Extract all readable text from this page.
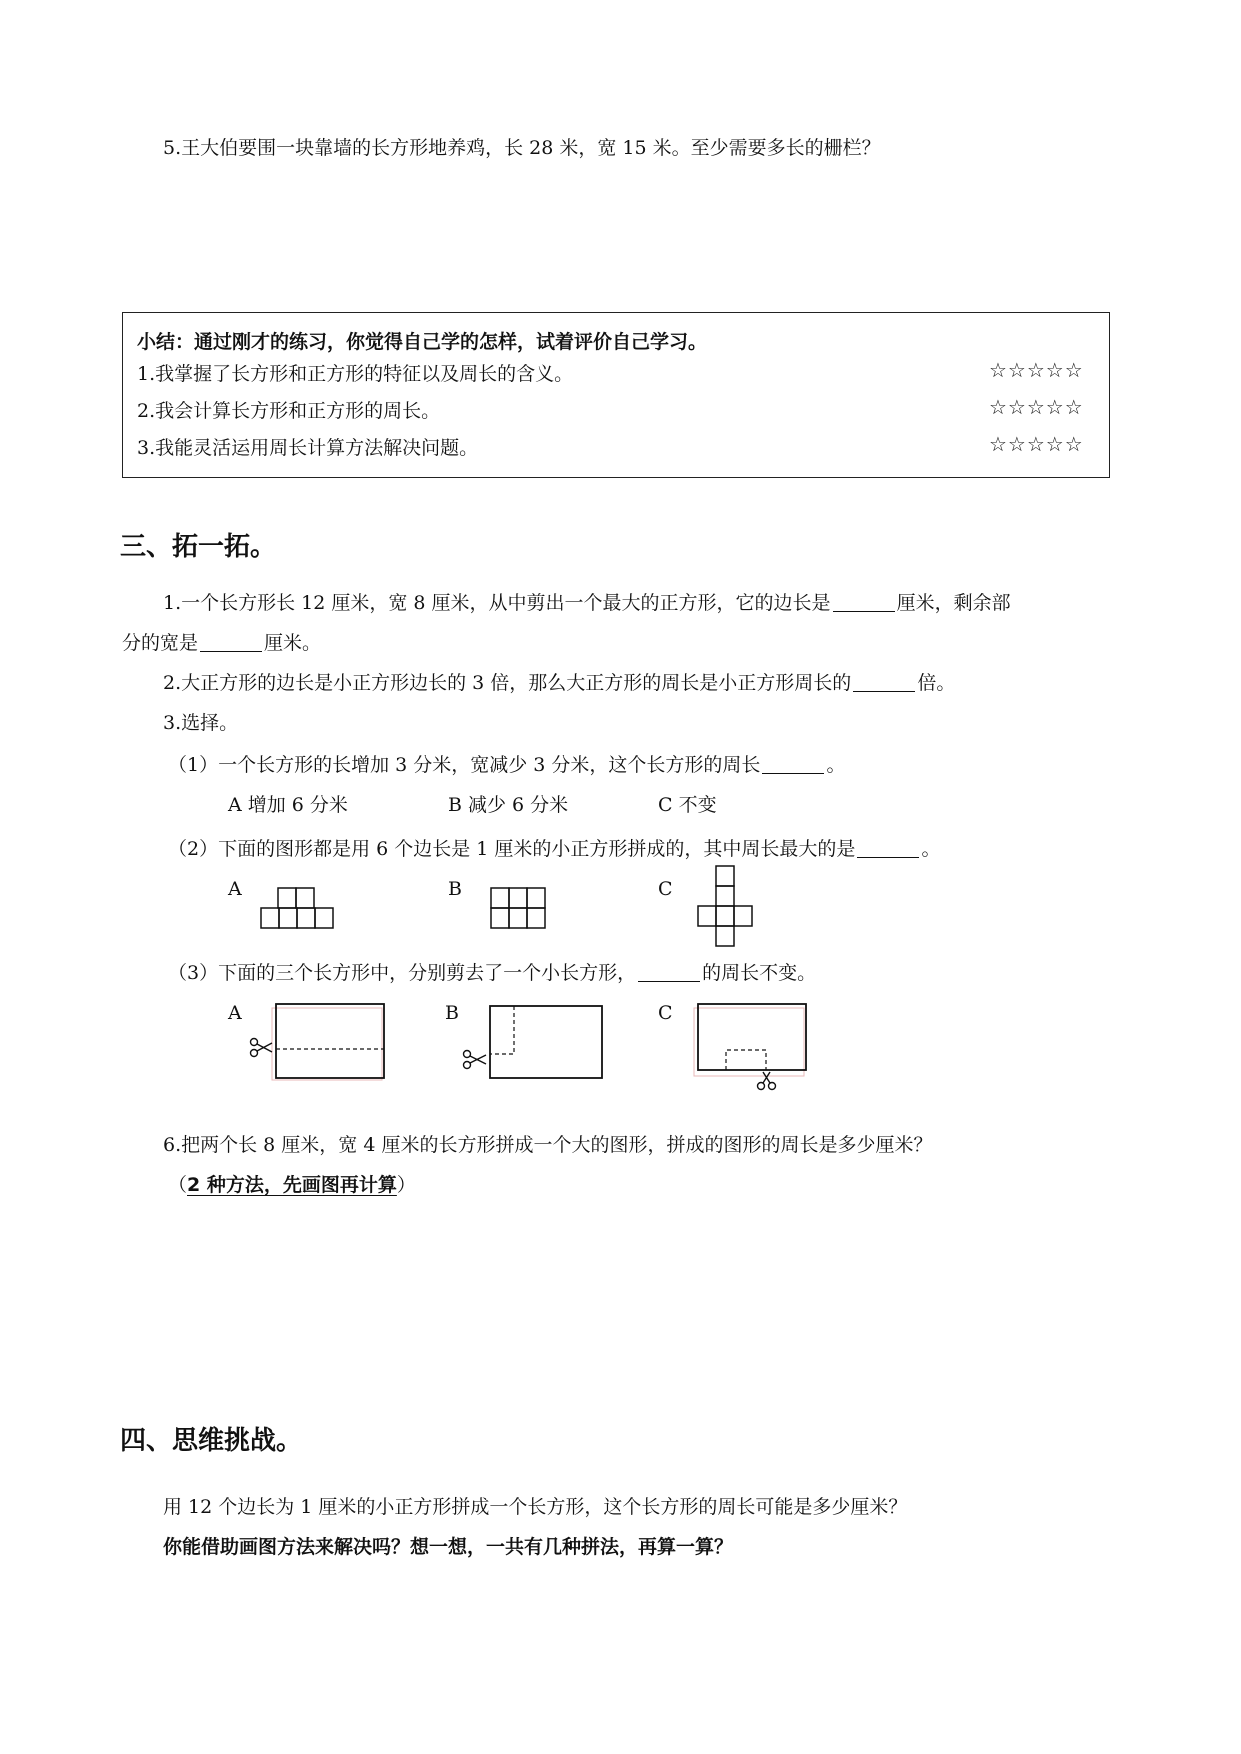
5.王大伯要围一块靠墙的长方形地养鸡，长 28 米，宽 15 米。至少需要多长的栅栏？
小结：通过刚才的练习，你觉得自己学的怎样，试着评价自己学习。
1.我掌握了长方形和正方形的特征以及周长的含义。	☆☆☆☆☆
2.我会计算长方形和正方形的周长。	☆☆☆☆☆
3.我能灵活运用周长计算方法解决问题。	☆☆☆☆☆
三、拓一拓。
1.一个长方形长 12 厘米，宽 8 厘米，从中剪出一个最大的正方形，它的边长是	厘米，剩余部
分的宽是	厘米。
2.大正方形的边长是小正方形边长的 3 倍，那么大正方形的周长是小正方形周长的	倍。
3.选择。
（1）一个长方形的长增加 3 分米，宽减少 3 分米，这个长方形的周长	。
A 增加 6 分米	B 减少 6 分米	C 不变
（2）下面的图形都是用 6 个边长是 1 厘米的小正方形拼成的，其中周长最大的是	。
A	B	C
（3）下面的三个长方形中，分别剪去了一个小长方形，	的周长不变。
A	B	C
6.把两个长 8 厘米，宽 4 厘米的长方形拼成一个大的图形，拼成的图形的周长是多少厘米？
（2 种方法，先画图再计算）
四、思维挑战。
用 12 个边长为 1 厘米的小正方形拼成一个长方形，这个长方形的周长可能是多少厘米？
你能借助画图方法来解决吗？想一想，一共有几种拼法，再算一算？
